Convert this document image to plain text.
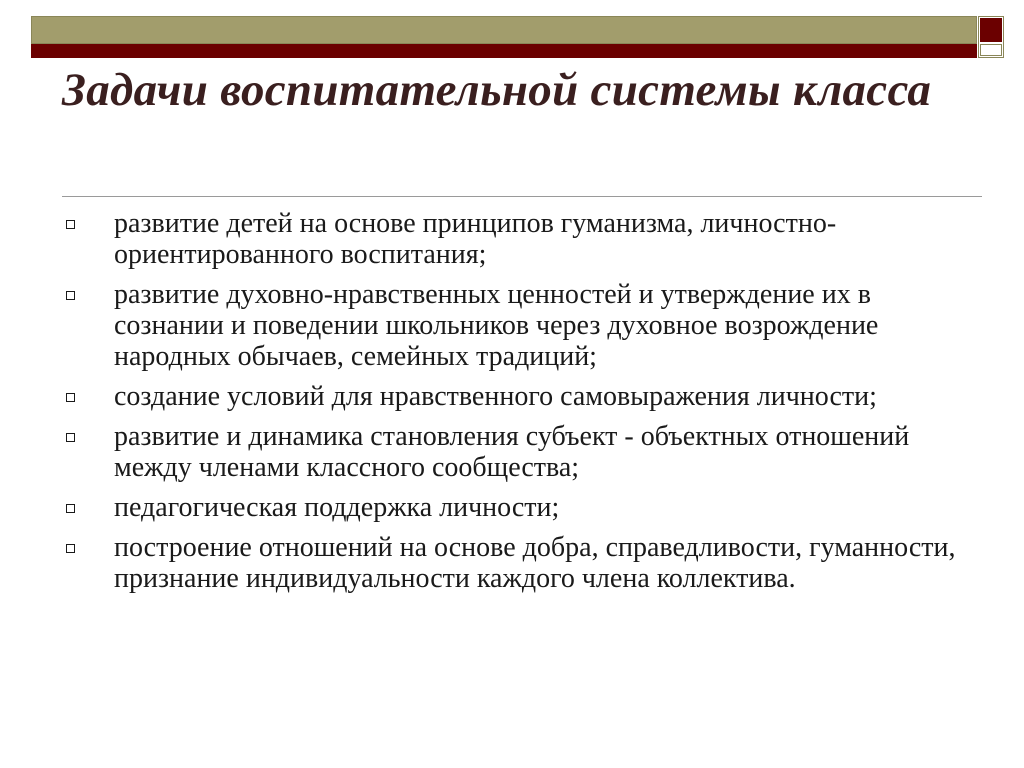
Задачи воспитательной системы класса
развитие детей на основе принципов гуманизма, личностно-ориентированного воспитания;
развитие духовно-нравственных ценностей и утверждение их в сознании и поведении школьников через духовное возрождение народных обычаев, семейных традиций;
создание условий для нравственного самовыражения личности;
развитие и динамика становления субъект - объектных отношений между членами классного сообщества;
педагогическая поддержка личности;
построение отношений на основе добра, справедливости, гуманности, признание индивидуальности каждого члена коллектива.
